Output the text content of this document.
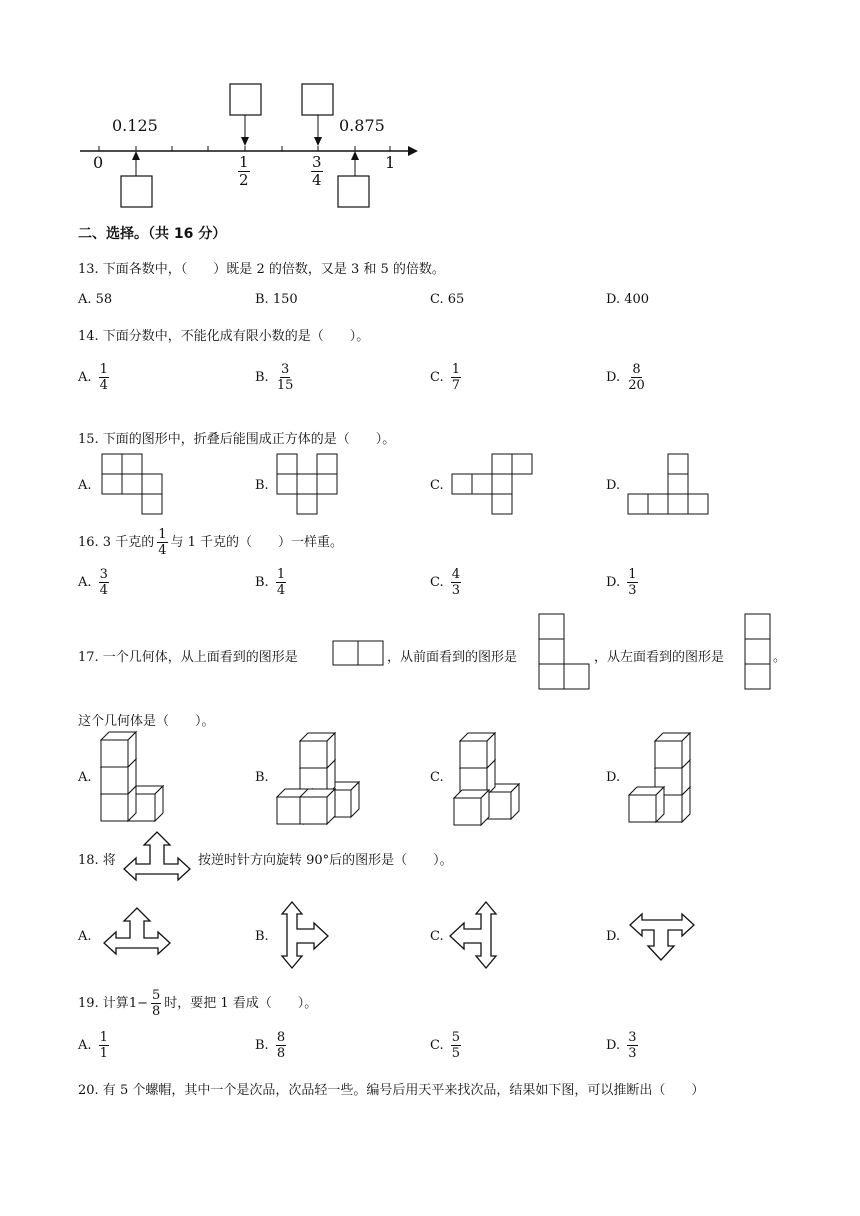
0.125	0.875
0	1
$\frac{1}{2}$	$\frac{3}{4}$
二、选择。（共 16 分）
13. 下面各数中，（　　）既是 2 的倍数，又是 3 和 5 的倍数。
A. 58	B. 150	C. 65	D. 400
14. 下面分数中，不能化成有限小数的是（　　）。
A. $\frac{1}{4}$	B. $\frac{3}{15}$	C. $\frac{1}{7}$	D. $\frac{8}{20}$
15. 下面的图形中，折叠后能围成正方体的是（　　）。
A.	B.	C.	D.
16. 3 千克的 $\frac{1}{4}$ 与 1 千克的（　　）一样重。
A. $\frac{3}{4}$	B. $\frac{1}{4}$	C. $\frac{4}{3}$	D. $\frac{1}{3}$
17. 一个几何体，从上面看到的图形是	，从前面看到的图形是	，从左面看到的图形是	。
这个几何体是（　　）。
A.	B.	C.	D.
18. 将	按逆时针方向旋转 90°后的图形是（　　）。
A.	B.	C.	D.
19. 计算$1- \frac{5}{8}$ 时，要把 1 看成（　　）。
A. $\frac{1}{1}$	B. $\frac{8}{8}$	C. $\frac{5}{5}$	D. $\frac{3}{3}$
20. 有 5 个螺帽，其中一个是次品，次品轻一些。编号后用天平来找次品，结果如下图，可以推断出（　　）
